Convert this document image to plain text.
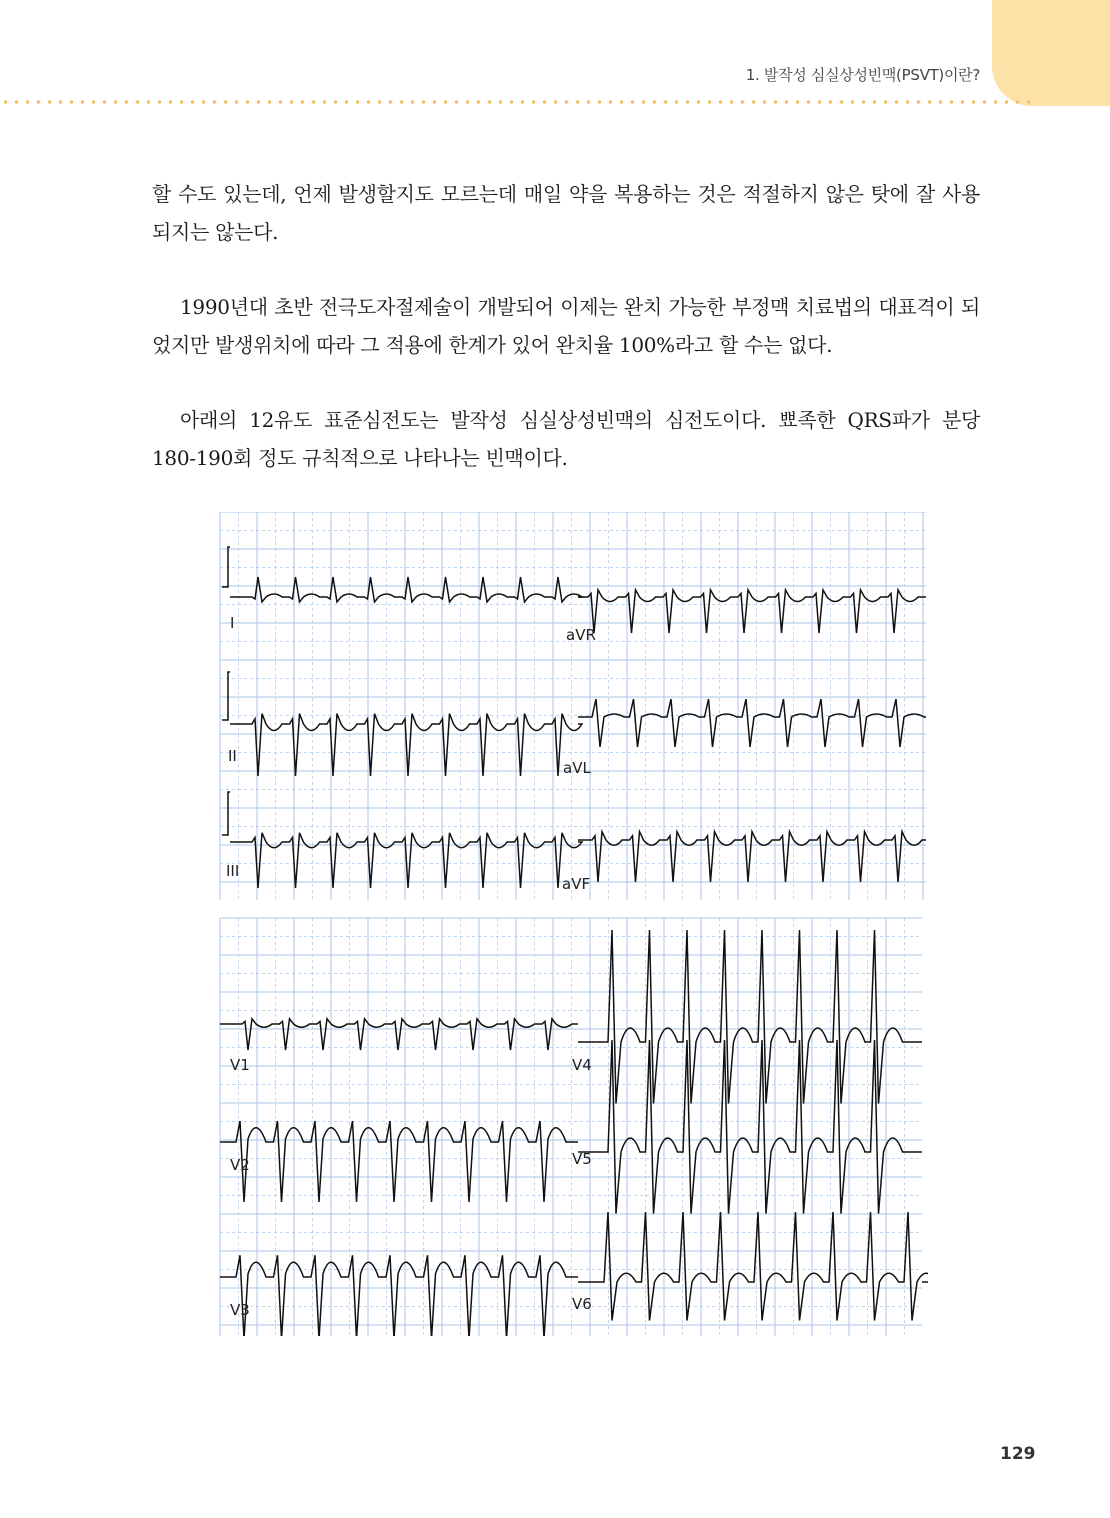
1. 발작성 심실상성빈맥(PSVT)이란?
할 수도 있는데, 언제 발생할지도 모르는데 매일 약을 복용하는 것은 적절하지 않은 탓에 잘 사용되지는 않는다.
1990년대 초반 전극도자절제술이 개발되어 이제는 완치 가능한 부정맥 치료법의 대표격이 되었지만 발생위치에 따라 그 적용에 한계가 있어 완치율 100%라고 할 수는 없다.
아래의 12유도 표준심전도는 발작성 심실상성빈맥의 심전도이다. 뾰족한 QRS파가 분당 180-190회 정도 규칙적으로 나타나는 빈맥이다.
I
aVR
II
aVL
III
aVF
V1	V4
V2	V5
V3	V6
129
